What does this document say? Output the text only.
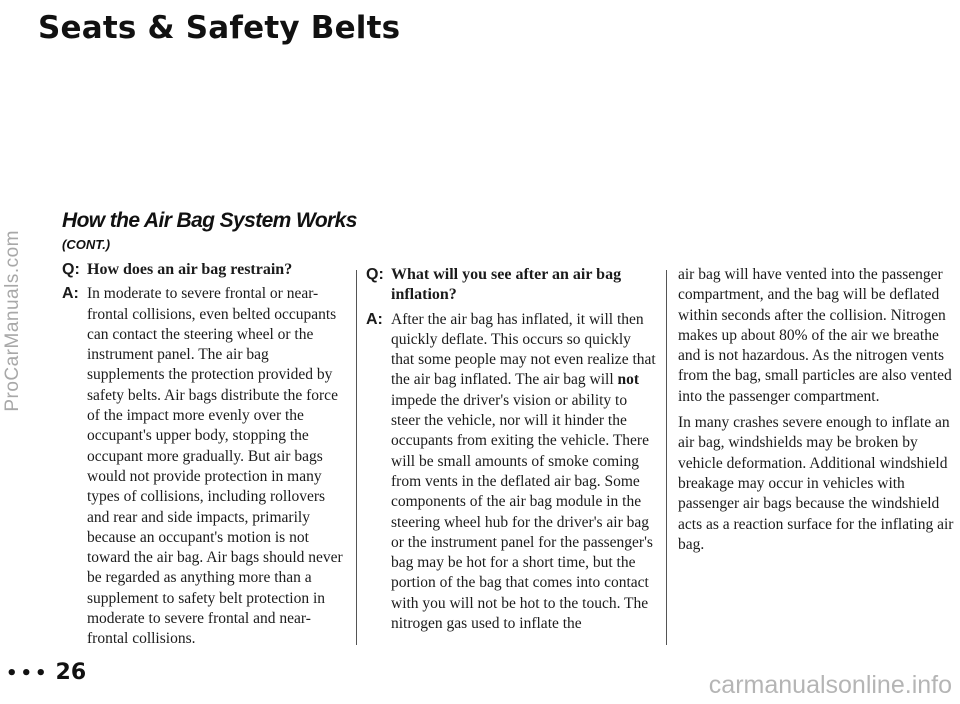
ProCarManuals.com
Seats & Safety Belts
How the Air Bag System Works
(CONT.)
Q: How does an air bag restrain?
A: In moderate to severe frontal or near-frontal collisions, even belted occupants can contact the steering wheel or the instrument panel. The air bag supplements the protection provided by safety belts. Air bags distribute the force of the impact more evenly over the occupant's upper body, stopping the occupant more gradually. But air bags would not provide protection in many types of collisions, including rollovers and rear and side impacts, primarily because an occupant's motion is not toward the air bag. Air bags should never be regarded as anything more than a supplement to safety belt protection in moderate to severe frontal and near-frontal collisions.
Q: What will you see after an air bag inflation?
A: After the air bag has inflated, it will then quickly deflate. This occurs so quickly that some people may not even realize that the air bag inflated. The air bag will not impede the driver's vision or ability to steer the vehicle, nor will it hinder the occupants from exiting the vehicle. There will be small amounts of smoke coming from vents in the deflated air bag. Some components of the air bag module in the steering wheel hub for the driver's air bag or the instrument panel for the passenger's bag may be hot for a short time, but the portion of the bag that comes into contact with you will not be hot to the touch. The nitrogen gas used to inflate the

air bag will have vented into the passenger compartment, and the bag will be deflated within seconds after the collision. Nitrogen makes up about 80% of the air we breathe and is not hazardous. As the nitrogen vents from the bag, small particles are also vented into the passenger compartment.

In many crashes severe enough to inflate an air bag, windshields may be broken by vehicle deformation. Additional windshield breakage may occur in vehicles with passenger air bags because the windshield acts as a reaction surface for the inflating air bag.

••• 26	carmanualsonline.info
